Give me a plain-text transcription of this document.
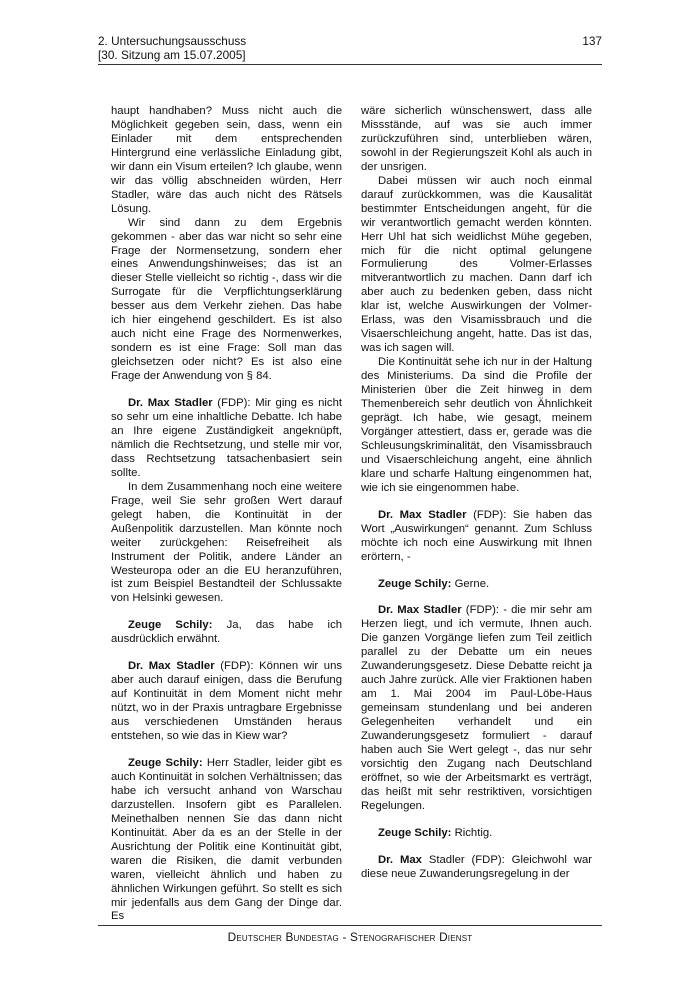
2. Untersuchungsausschuss
[30. Sitzung am 15.07.2005]
137

haupt handhaben? Muss nicht auch die Möglichkeit gegeben sein, dass, wenn ein Einlader mit dem entsprechenden Hintergrund eine verlässliche Einladung gibt, wir dann ein Visum erteilen? Ich glaube, wenn wir das völlig abschneiden würden, Herr Stadler, wäre das auch nicht des Rätsels Lösung.

Wir sind dann zu dem Ergebnis gekommen - aber das war nicht so sehr eine Frage der Normensetzung, sondern eher eines Anwendungshinweises; das ist an dieser Stelle vielleicht so richtig -, dass wir die Surrogate für die Verpflichtungserklärung besser aus dem Verkehr ziehen. Das habe ich hier eingehend geschildert. Es ist also auch nicht eine Frage des Normenwerkes, sondern es ist eine Frage: Soll man das gleichsetzen oder nicht? Es ist also eine Frage der Anwendung von § 84.

Dr. Max Stadler (FDP): Mir ging es nicht so sehr um eine inhaltliche Debatte. Ich habe an Ihre eigene Zuständigkeit angeknüpft, nämlich die Rechtsetzung, und stelle mir vor, dass Rechtsetzung tatsachenbasiert sein sollte.

In dem Zusammenhang noch eine weitere Frage, weil Sie sehr großen Wert darauf gelegt haben, die Kontinuität in der Außenpolitik darzustellen. Man könnte noch weiter zurückgehen: Reisefreiheit als Instrument der Politik, andere Länder an Westeuropa oder an die EU heranzuführen, ist zum Beispiel Bestandteil der Schlussakte von Helsinki gewesen.

Zeuge Schily: Ja, das habe ich ausdrücklich erwähnt.

Dr. Max Stadler (FDP): Können wir uns aber auch darauf einigen, dass die Berufung auf Kontinuität in dem Moment nicht mehr nützt, wo in der Praxis untragbare Ergebnisse aus verschiedenen Umständen heraus entstehen, so wie das in Kiew war?

Zeuge Schily: Herr Stadler, leider gibt es auch Kontinuität in solchen Verhältnissen; das habe ich versucht anhand von Warschau darzustellen. Insofern gibt es Parallelen. Meinethalben nennen Sie das dann nicht Kontinuität. Aber da es an der Stelle in der Ausrichtung der Politik eine Kontinuität gibt, waren die Risiken, die damit verbunden waren, vielleicht ähnlich und haben zu ähnlichen Wirkungen geführt. So stellt es sich mir jedenfalls aus dem Gang der Dinge dar. Es

wäre sicherlich wünschenswert, dass alle Missstände, auf was sie auch immer zurückzuführen sind, unterblieben wären, sowohl in der Regierungszeit Kohl als auch in der unsrigen.

Dabei müssen wir auch noch einmal darauf zurückkommen, was die Kausalität bestimmter Entscheidungen angeht, für die wir verantwortlich gemacht werden könnten. Herr Uhl hat sich weidlichst Mühe gegeben, mich für die nicht optimal gelungene Formulierung des Volmer-Erlasses mitverantwortlich zu machen. Dann darf ich aber auch zu bedenken geben, dass nicht klar ist, welche Auswirkungen der Volmer-Erlass, was den Visamissbrauch und die Visaerschleichung angeht, hatte. Das ist das, was ich sagen will.

Die Kontinuität sehe ich nur in der Haltung des Ministeriums. Da sind die Profile der Ministerien über die Zeit hinweg in dem Themenbereich sehr deutlich von Ähnlichkeit geprägt. Ich habe, wie gesagt, meinem Vorgänger attestiert, dass er, gerade was die Schleusungskriminalität, den Visamissbrauch und Visaerschleichung angeht, eine ähnlich klare und scharfe Haltung eingenommen hat, wie ich sie eingenommen habe.

Dr. Max Stadler (FDP): Sie haben das Wort „Auswirkungen“ genannt. Zum Schluss möchte ich noch eine Auswirkung mit Ihnen erörtern, -

Zeuge Schily: Gerne.

Dr. Max Stadler (FDP): - die mir sehr am Herzen liegt, und ich vermute, Ihnen auch. Die ganzen Vorgänge liefen zum Teil zeitlich parallel zu der Debatte um ein neues Zuwanderungsgesetz. Diese Debatte reicht ja auch Jahre zurück. Alle vier Fraktionen haben am 1. Mai 2004 im Paul-Löbe-Haus gemeinsam stundenlang und bei anderen Gelegenheiten verhandelt und ein Zuwanderungsgesetz formuliert - darauf haben auch Sie Wert gelegt -, das nur sehr vorsichtig den Zugang nach Deutschland eröffnet, so wie der Arbeitsmarkt es verträgt, das heißt mit sehr restriktiven, vorsichtigen Regelungen.

Zeuge Schily: Richtig.

Dr. Max Stadler (FDP): Gleichwohl war diese neue Zuwanderungsregelung in der

Deutscher Bundestag - Stenografischer Dienst
